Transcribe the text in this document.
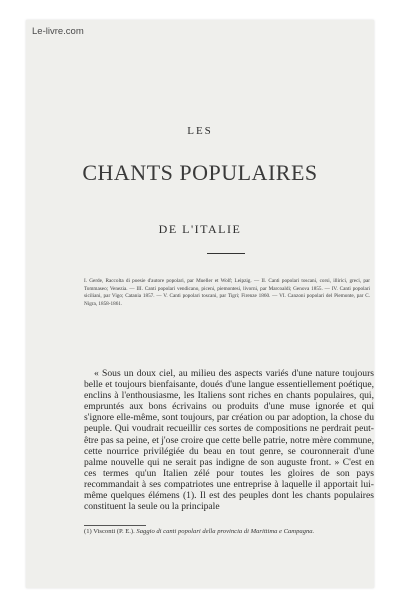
Le-livre.com
LES
CHANTS POPULAIRES
DE L'ITALIE
I. Gerde, Raccolta di poesie d'autore popolari, par Mueller et Wolf; Leipzig. — II. Canti popolari toscani, corsi, illirici, greci, par Tommaseo; Venezia. — III. Canti popolari vendicano, piceni, piemontesi, livorni, par Marcoaldi; Genova 1855. — IV. Canti popolari siciliani, par Vigo; Catania 1857. — V. Canti popolari toscani, par Tigri; Firenze 1860. — VI. Canzoni popolari del Piemonte, par C. Nigra, 1858-1861.

« Sous un doux ciel, au milieu des aspects variés d'une nature toujours belle et toujours bienfaisante, doués d'une langue essentiellement poétique, enclins à l'enthousiasme, les Italiens sont riches en chants populaires, qui, empruntés aux bons écrivains ou produits d'une muse ignorée et qui s'ignore elle-même, sont toujours, par création ou par adoption, la chose du peuple. Qui voudrait recueillir ces sortes de compositions ne perdrait peut-être pas sa peine, et j'ose croire que cette belle patrie, notre mère commune, cette nourrice privilégiée du beau en tout genre, se couronnerait d'une palme nouvelle qui ne serait pas indigne de son auguste front. » C'est en ces termes qu'un Italien zélé pour toutes les gloires de son pays recommandait à ses compatriotes une entreprise à laquelle il apportait lui-même quelques élémens (1). Il est des peuples dont les chants populaires constituent la seule ou la principale

(1) Visconti (P. E.). Saggio di canti popolari della provincia di Marittima e Campagna.
